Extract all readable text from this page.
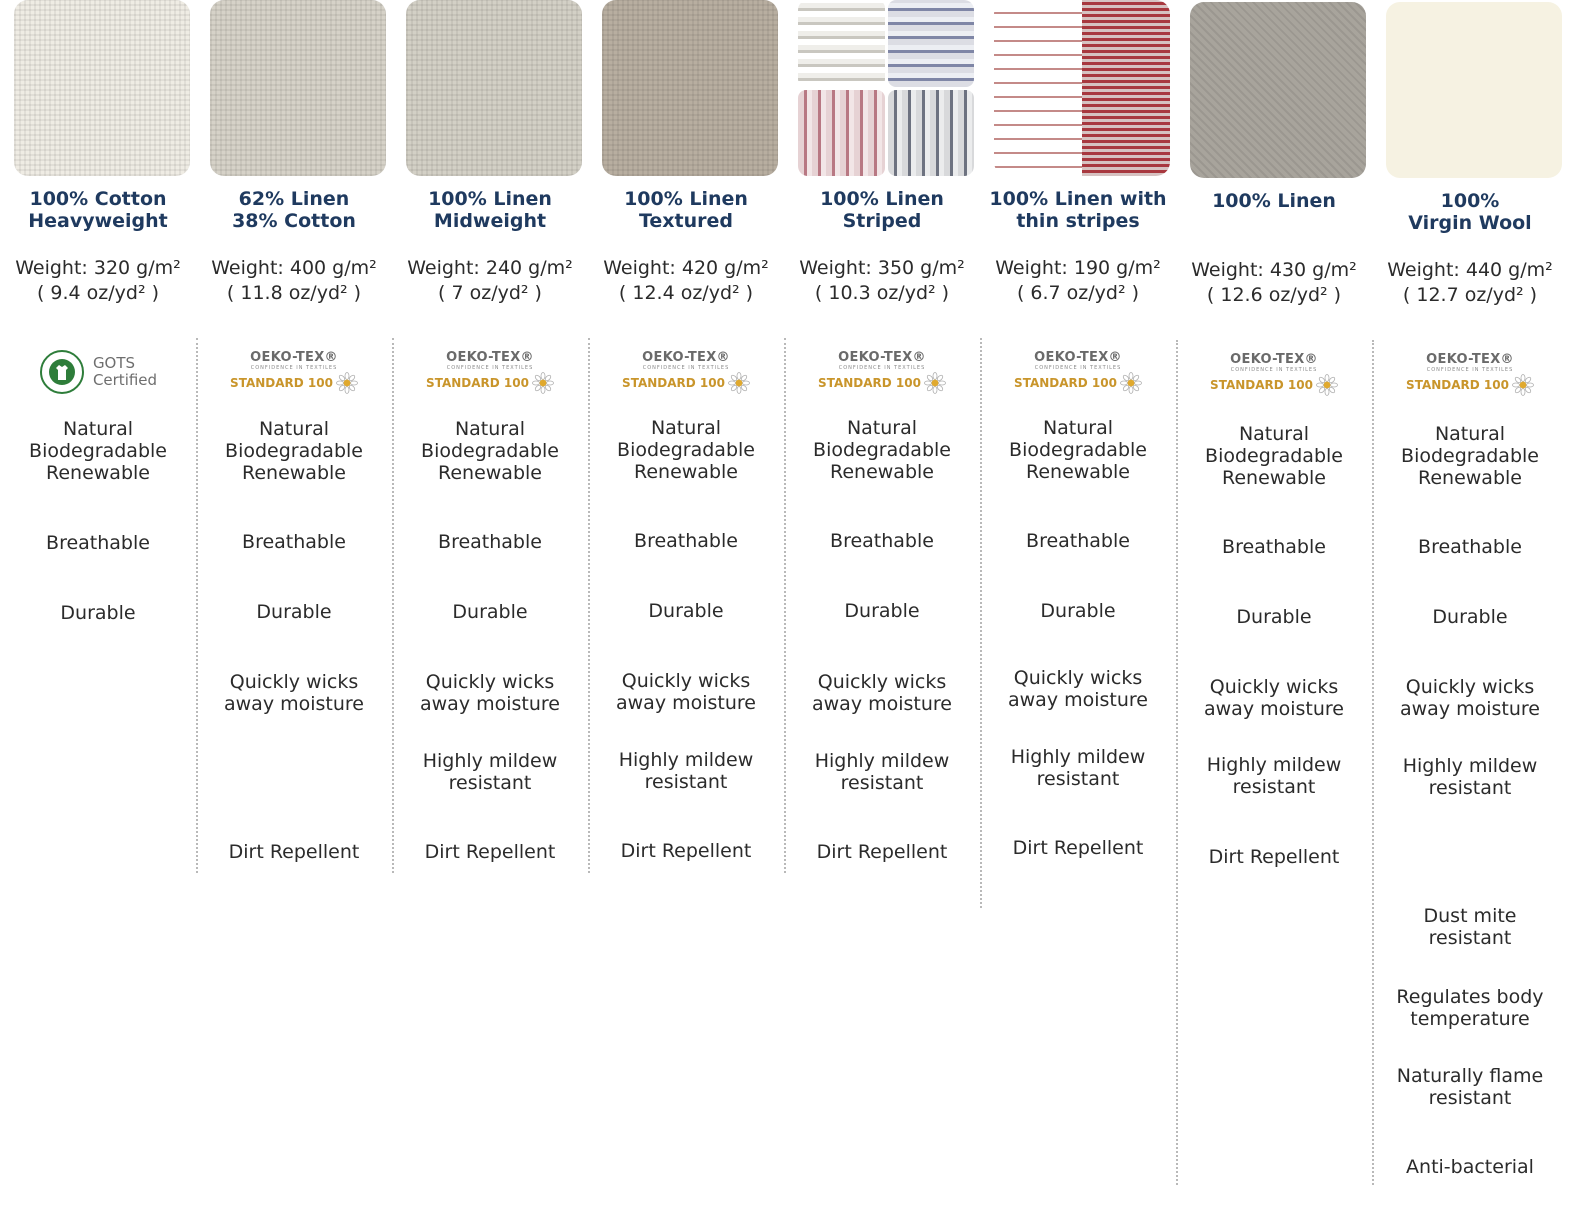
100% Cotton
Heavyweight
Weight: 320 g/m²
( 9.4 oz/yd² )
GOTS
Certified
Natural
Biodegradable
Renewable
Breathable
Durable
62% Linen
38% Cotton
Weight: 400 g/m²
( 11.8 oz/yd² )
OEKO-TEX®
CONFIDENCE IN TEXTILES
STANDARD 100
Natural
Biodegradable
Renewable
Breathable
Durable
Quickly wicks
away moisture
Dirt Repellent
100% Linen
Midweight
Weight: 240 g/m²
( 7 oz/yd² )
OEKO-TEX®
CONFIDENCE IN TEXTILES
STANDARD 100
Natural
Biodegradable
Renewable
Breathable
Durable
Quickly wicks
away moisture
Highly mildew
resistant
Dirt Repellent
100% Linen
Textured
Weight: 420 g/m²
( 12.4 oz/yd² )
OEKO-TEX®
CONFIDENCE IN TEXTILES
STANDARD 100
Natural
Biodegradable
Renewable
Breathable
Durable
Quickly wicks
away moisture
Highly mildew
resistant
Dirt Repellent
100% Linen
Striped
Weight: 350 g/m²
( 10.3 oz/yd² )
OEKO-TEX®
CONFIDENCE IN TEXTILES
STANDARD 100
Natural
Biodegradable
Renewable
Breathable
Durable
Quickly wicks
away moisture
Highly mildew
resistant
Dirt Repellent
100% Linen with
thin stripes
Weight: 190 g/m²
( 6.7 oz/yd² )
OEKO-TEX®
CONFIDENCE IN TEXTILES
STANDARD 100
Natural
Biodegradable
Renewable
Breathable
Durable
Quickly wicks
away moisture
Highly mildew
resistant
Dirt Repellent
100% Linen
Weight: 430 g/m²
( 12.6 oz/yd² )
OEKO-TEX®
CONFIDENCE IN TEXTILES
STANDARD 100
Natural
Biodegradable
Renewable
Breathable
Durable
Quickly wicks
away moisture
Highly mildew
resistant
Dirt Repellent
100%
Virgin Wool
Weight: 440 g/m²
( 12.7 oz/yd² )
OEKO-TEX®
CONFIDENCE IN TEXTILES
STANDARD 100
Natural
Biodegradable
Renewable
Breathable
Durable
Quickly wicks
away moisture
Highly mildew
resistant
Dust mite
resistant
Regulates body
temperature
Naturally flame
resistant
Anti-bacterial
